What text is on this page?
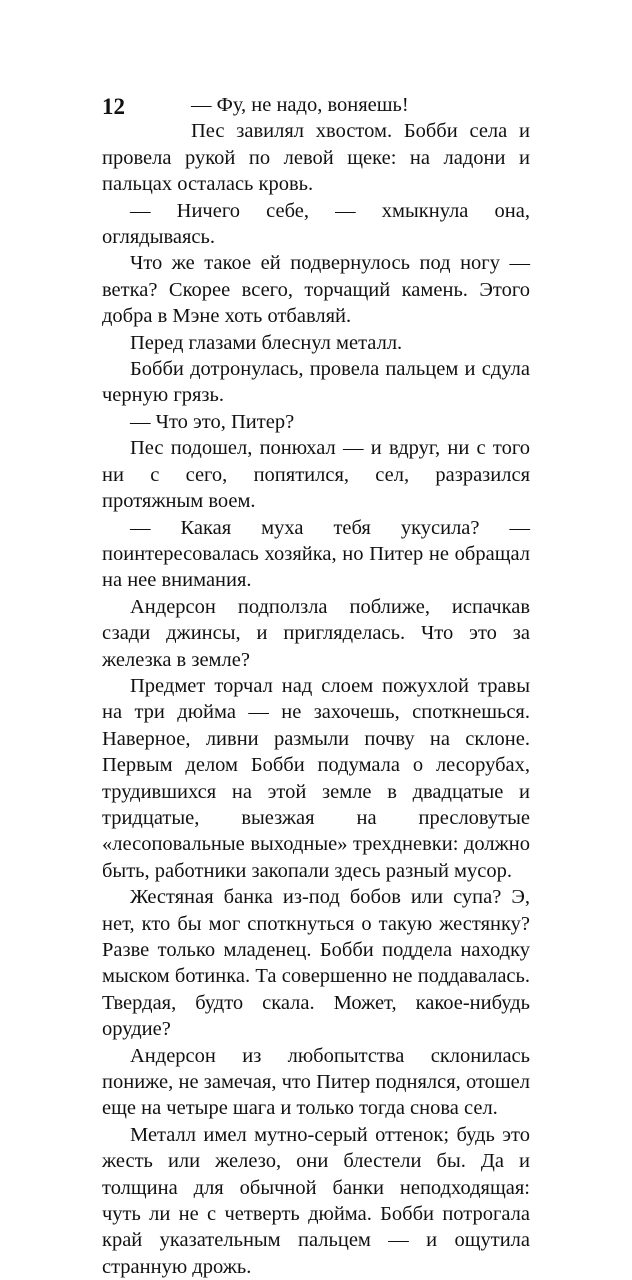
12	— Фу, не надо, воняешь!

Пес завилял хвостом. Бобби села и провела рукой по левой щеке: на ладони и пальцах осталась кровь.

— Ничего себе, — хмыкнула она, оглядываясь.

Что же такое ей подвернулось под ногу — ветка? Скорее всего, торчащий камень. Этого добра в Мэне хоть отбавляй.

Перед глазами блеснул металл.

Бобби дотронулась, провела пальцем и сдула черную грязь.

— Что это, Питер?

Пес подошел, понюхал — и вдруг, ни с того ни с сего, попятился, сел, разразился протяжным воем.

— Какая муха тебя укусила? — поинтересовалась хозяйка, но Питер не обращал на нее внимания.

Андерсон подползла поближе, испачкав сзади джинсы, и пригляделась. Что это за железка в земле?

Предмет торчал над слоем пожухлой травы на три дюйма — не захочешь, споткнешься. Наверное, ливни размыли почву на склоне. Первым делом Бобби подумала о лесорубах, трудившихся на этой земле в двадцатые и тридцатые, выезжая на пресловутые «лесоповальные выходные» трехдневки: должно быть, работники закопали здесь разный мусор.

Жестяная банка из-под бобов или супа? Э, нет, кто бы мог споткнуться о такую жестянку? Разве только младенец. Бобби поддела находку мыском ботинка. Та совершенно не поддавалась. Твердая, будто скала. Может, какое-нибудь орудие?

Андерсон из любопытства склонилась пониже, не замечая, что Питер поднялся, отошел еще на четыре шага и только тогда снова сел.

Металл имел мутно-серый оттенок; будь это жесть или железо, они блестели бы. Да и толщина для обычной банки неподходящая: чуть ли не с четверть дюйма. Бобби потрогала край указательным пальцем — и ощутила странную дрожь.
